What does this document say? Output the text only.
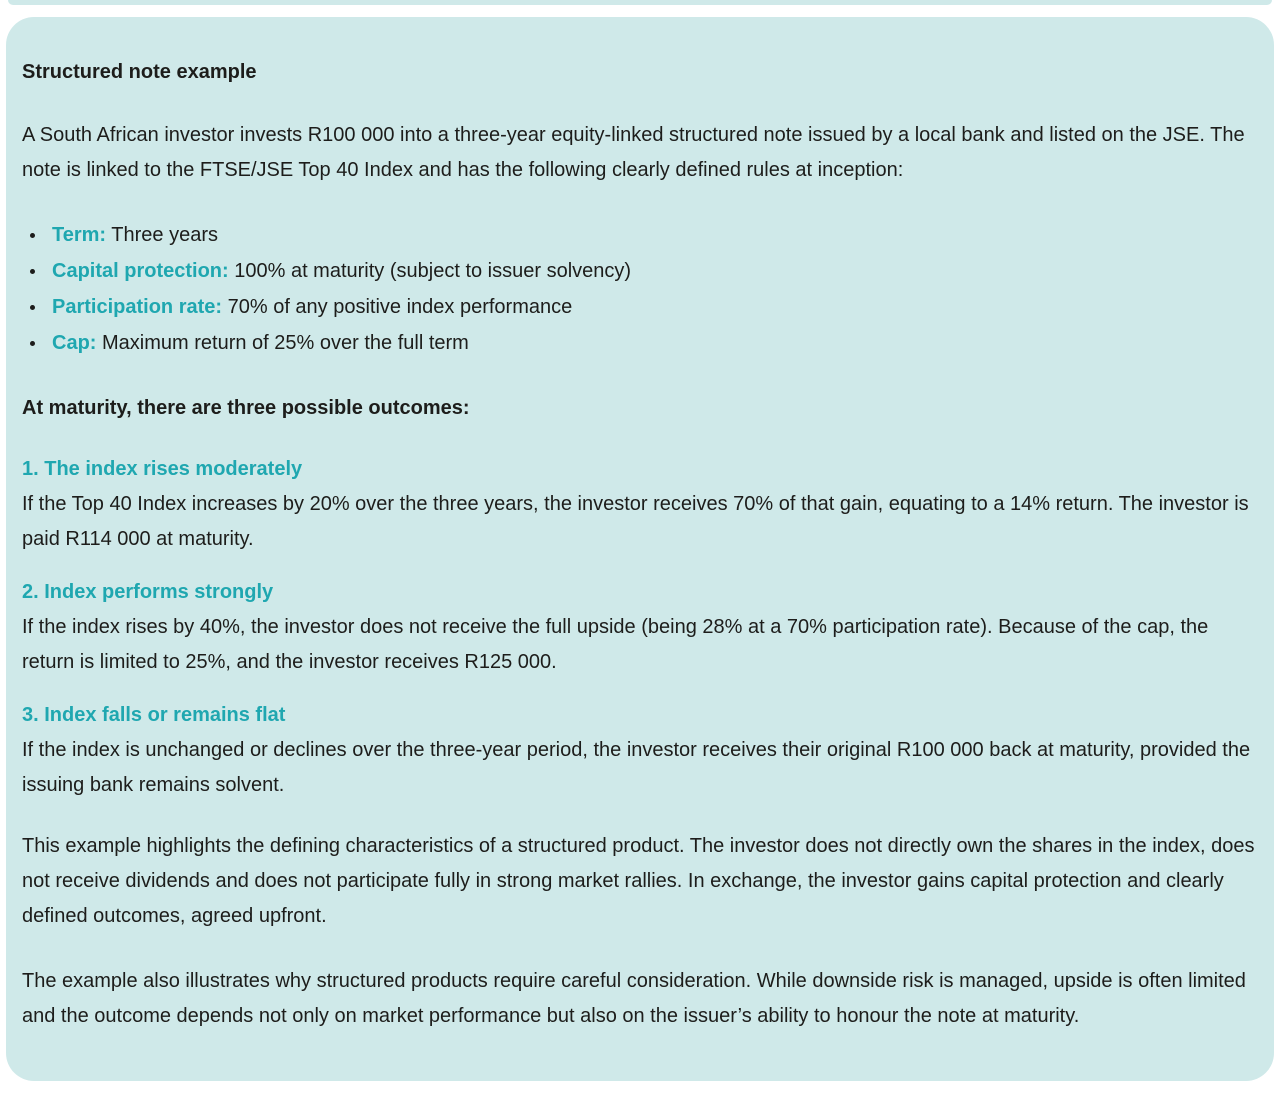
Structured note example

A South African investor invests R100 000 into a three-year equity-linked structured note issued by a local bank and listed on the JSE. The note is linked to the FTSE/JSE Top 40 Index and has the following clearly defined rules at inception:

Term: Three years
Capital protection: 100% at maturity (subject to issuer solvency)
Participation rate: 70% of any positive index performance
Cap: Maximum return of 25% over the full term

At maturity, there are three possible outcomes:

1. The index rises moderately

If the Top 40 Index increases by 20% over the three years, the investor receives 70% of that gain, equating to a 14% return. The investor is paid R114 000 at maturity.

2. Index performs strongly

If the index rises by 40%, the investor does not receive the full upside (being 28% at a 70% participation rate). Because of the cap, the return is limited to 25%, and the investor receives R125 000.

3. Index falls or remains flat

If the index is unchanged or declines over the three-year period, the investor receives their original R100 000 back at maturity, provided the issuing bank remains solvent.

This example highlights the defining characteristics of a structured product. The investor does not directly own the shares in the index, does not receive dividends and does not participate fully in strong market rallies. In exchange, the investor gains capital protection and clearly defined outcomes, agreed upfront.

The example also illustrates why structured products require careful consideration. While downside risk is managed, upside is often limited and the outcome depends not only on market performance but also on the issuer’s ability to honour the note at maturity.
